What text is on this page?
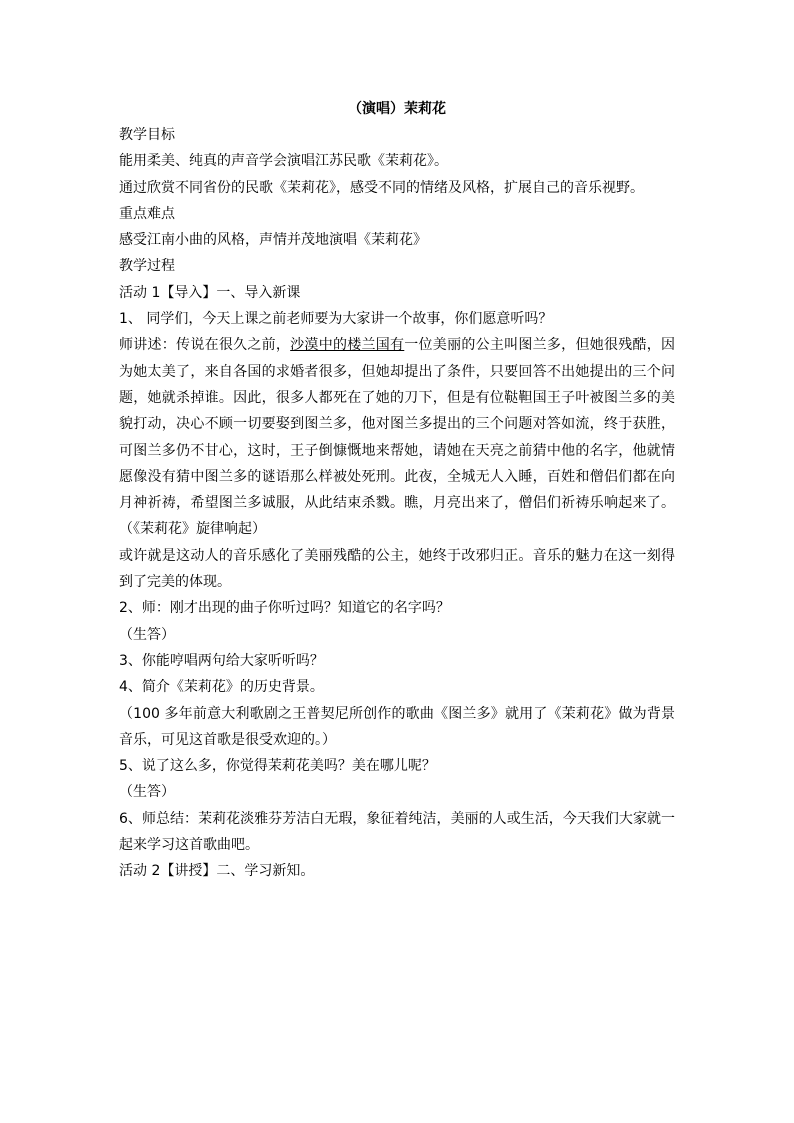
（演唱）茉莉花

教学目标

能用柔美、纯真的声音学会演唱江苏民歌《茉莉花》。

通过欣赏不同省份的民歌《茉莉花》，感受不同的情绪及风格，扩展自己的音乐视野。

重点难点

感受江南小曲的风格，声情并茂地演唱《茉莉花》

教学过程

活动 1【导入】一、导入新课

1、 同学们，今天上课之前老师要为大家讲一个故事，你们愿意听吗？

师讲述：传说在很久之前，沙漠中的楼兰国有一位美丽的公主叫图兰多，但她很残酷，因为她太美了，来自各国的求婚者很多，但她却提出了条件，只要回答不出她提出的三个问题，她就杀掉谁。因此，很多人都死在了她的刀下，但是有位鞑靼国王子叶被图兰多的美貌打动，决心不顾一切要娶到图兰多，他对图兰多提出的三个问题对答如流，终于获胜，可图兰多仍不甘心，这时，王子倒慷慨地来帮她，请她在天亮之前猜中他的名字，他就情愿像没有猜中图兰多的谜语那么样被处死刑。此夜，全城无人入睡，百姓和僧侣们都在向月神祈祷，希望图兰多诚服，从此结束杀戮。瞧，月亮出来了，僧侣们祈祷乐响起来了。（《茉莉花》旋律响起）

或许就是这动人的音乐感化了美丽残酷的公主，她终于改邪归正。音乐的魅力在这一刻得到了完美的体现。

2、师：刚才出现的曲子你听过吗？知道它的名字吗？

（生答）

3、你能哼唱两句给大家听听吗？

4、简介《茉莉花》的历史背景。

（100 多年前意大利歌剧之王普契尼所创作的歌曲《图兰多》就用了《茉莉花》做为背景音乐，可见这首歌是很受欢迎的。）

5、说了这么多，你觉得茉莉花美吗？美在哪儿呢？

（生答）

6、师总结：茉莉花淡雅芬芳洁白无瑕，象征着纯洁，美丽的人或生活，今天我们大家就一起来学习这首歌曲吧。

活动 2【讲授】二、学习新知。
